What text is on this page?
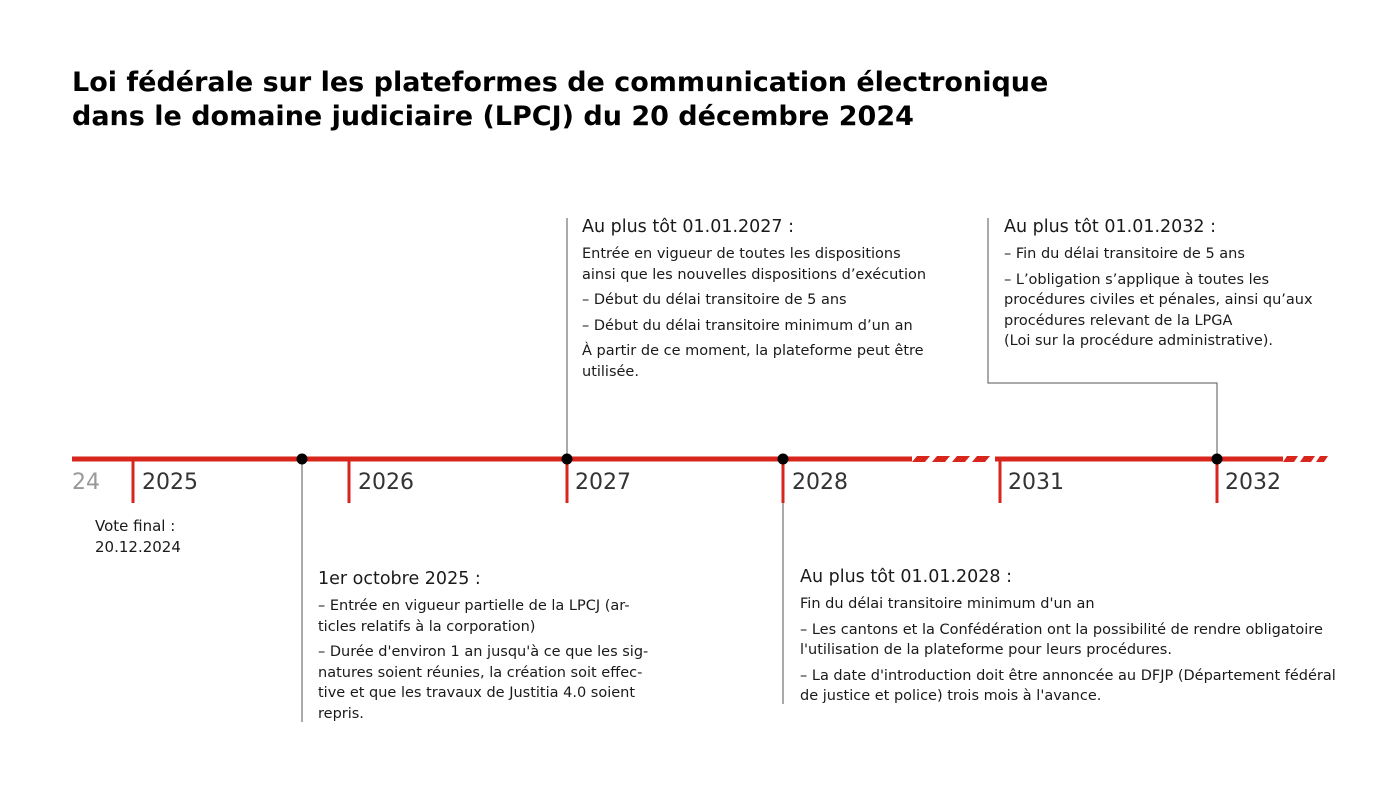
Loi fédérale sur les plateformes de communication électronique
dans le domaine judiciaire (LPCJ) du 20 décembre 2024
24 2025	2026	2027	2028	2031	2032
Vote final :
20.12.2024
Au plus tôt 01.01.2027 :
Entrée en vigueur de toutes les dispositions
ainsi que les nouvelles dispositions d’exécution
– Début du délai transitoire de 5 ans
– Début du délai transitoire minimum d’un an
À partir de ce moment, la plateforme peut être
utilisée.
Au plus tôt 01.01.2032 :
– Fin du délai transitoire de 5 ans
– L’obligation s’applique à toutes les
procédures civiles et pénales, ainsi qu’aux
procédures relevant de la LPGA
(Loi sur la procédure administrative).
1er octobre 2025 :
– Entrée en vigueur partielle de la LPCJ (ar-
ticles relatifs à la corporation)
– Durée d'environ 1 an jusqu'à ce que les sig-
natures soient réunies, la création soit effec-
tive et que les travaux de Justitia 4.0 soient
repris.
Au plus tôt 01.01.2028 :
Fin du délai transitoire minimum d'un an
– Les cantons et la Confédération ont la possibilité de rendre obligatoire
l'utilisation de la plateforme pour leurs procédures.
– La date d'introduction doit être annoncée au DFJP (Département fédéral
de justice et police) trois mois à l'avance.
